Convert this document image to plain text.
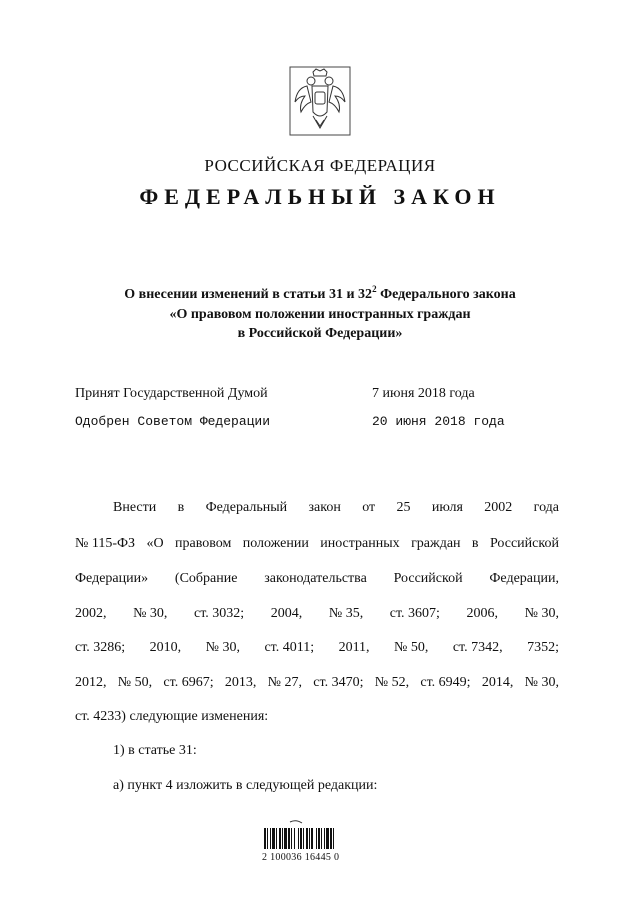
РОССИЙСКАЯ ФЕДЕРАЦИЯ
ФЕДЕРАЛЬНЫЙ ЗАКОН
О внесении изменений в статьи 31 и $32^2$ Федерального закона
«О правовом положении иностранных граждан
в Российской Федерации»
Принят Государственной Думой	7 июня 2018 года
Одобрен Советом Федерации	20 июня 2018 года
Внести в Федеральный закон от 25 июля 2002 года
№ 115-ФЗ «О правовом положении иностранных граждан в Российской
Федерации» (Собрание законодательства Российской Федерации,
2002, № 30, ст. 3032; 2004, № 35, ст. 3607; 2006, № 30,
ст. 3286; 2010, № 30, ст. 4011; 2011, № 50, ст. 7342, 7352;
2012, № 50, ст. 6967; 2013, № 27, ст. 3470; № 52, ст. 6949; 2014, № 30,
ст. 4233) следующие изменения:
1) в статье 31:
а) пункт 4 изложить в следующей редакции:
2 100036 16445 0
